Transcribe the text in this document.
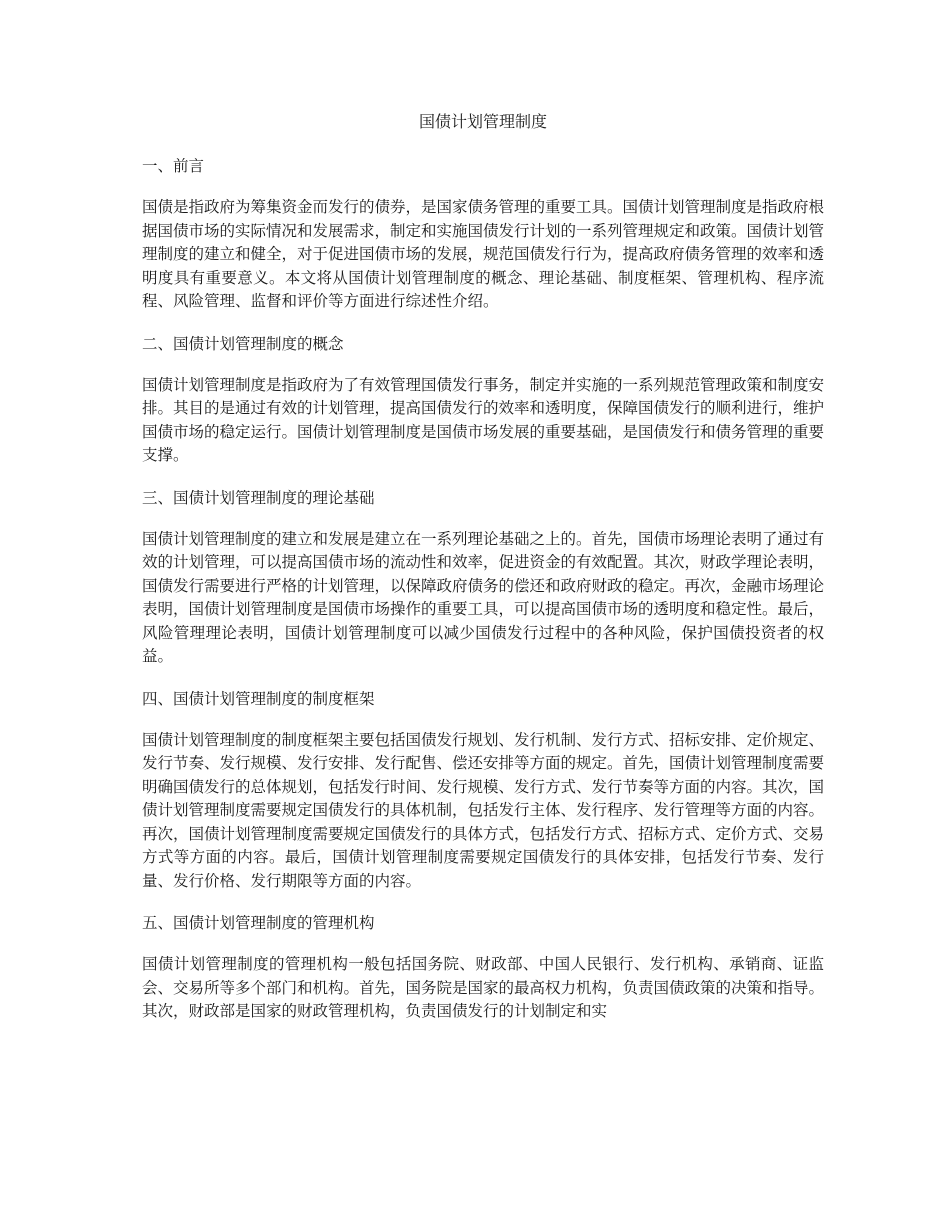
国债计划管理制度
一、前言

国债是指政府为筹集资金而发行的债券，是国家债务管理的重要工具。国债计划管理制度是指政府根据国债市场的实际情况和发展需求，制定和实施国债发行计划的一系列管理规定和政策。国债计划管理制度的建立和健全，对于促进国债市场的发展，规范国债发行行为，提高政府债务管理的效率和透明度具有重要意义。本文将从国债计划管理制度的概念、理论基础、制度框架、管理机构、程序流程、风险管理、监督和评价等方面进行综述性介绍。

二、国债计划管理制度的概念

国债计划管理制度是指政府为了有效管理国债发行事务，制定并实施的一系列规范管理政策和制度安排。其目的是通过有效的计划管理，提高国债发行的效率和透明度，保障国债发行的顺利进行，维护国债市场的稳定运行。国债计划管理制度是国债市场发展的重要基础，是国债发行和债务管理的重要支撑。

三、国债计划管理制度的理论基础

国债计划管理制度的建立和发展是建立在一系列理论基础之上的。首先，国债市场理论表明了通过有效的计划管理，可以提高国债市场的流动性和效率，促进资金的有效配置。其次，财政学理论表明，国债发行需要进行严格的计划管理，以保障政府债务的偿还和政府财政的稳定。再次，金融市场理论表明，国债计划管理制度是国债市场操作的重要工具，可以提高国债市场的透明度和稳定性。最后，风险管理理论表明，国债计划管理制度可以减少国债发行过程中的各种风险，保护国债投资者的权益。

四、国债计划管理制度的制度框架

国债计划管理制度的制度框架主要包括国债发行规划、发行机制、发行方式、招标安排、定价规定、发行节奏、发行规模、发行安排、发行配售、偿还安排等方面的规定。首先，国债计划管理制度需要明确国债发行的总体规划，包括发行时间、发行规模、发行方式、发行节奏等方面的内容。其次，国债计划管理制度需要规定国债发行的具体机制，包括发行主体、发行程序、发行管理等方面的内容。再次，国债计划管理制度需要规定国债发行的具体方式，包括发行方式、招标方式、定价方式、交易方式等方面的内容。最后，国债计划管理制度需要规定国债发行的具体安排，包括发行节奏、发行量、发行价格、发行期限等方面的内容。

五、国债计划管理制度的管理机构

国债计划管理制度的管理机构一般包括国务院、财政部、中国人民银行、发行机构、承销商、证监会、交易所等多个部门和机构。首先，国务院是国家的最高权力机构，负责国债政策的决策和指导。其次，财政部是国家的财政管理机构，负责国债发行的计划制定和实
